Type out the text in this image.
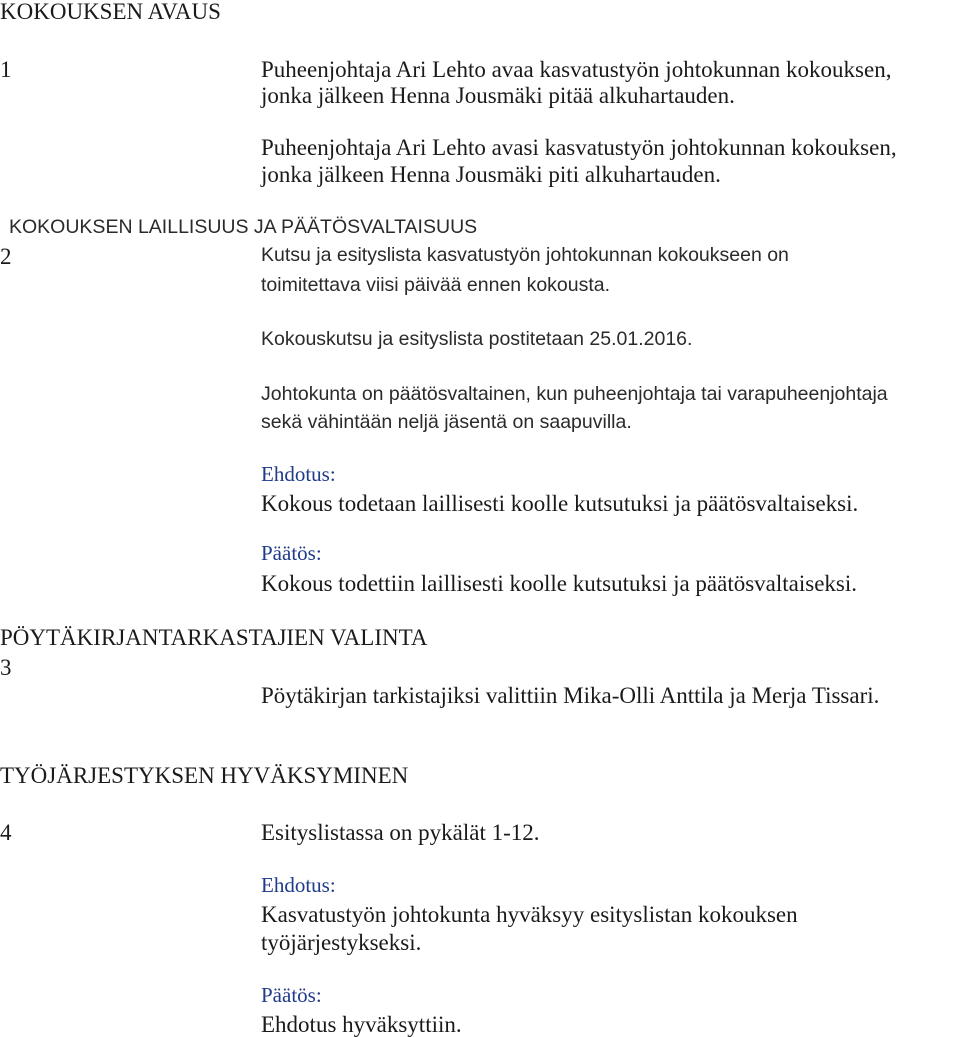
KOKOUKSEN AVAUS

1	Puheenjohtaja Ari Lehto avaa kasvatustyön johtokunnan kokouksen,

jonka jälkeen Henna Jousmäki pitää alkuhartauden.

Puheenjohtaja Ari Lehto avasi kasvatustyön johtokunnan kokouksen,

jonka jälkeen Henna Jousmäki piti alkuhartauden.

KOKOUKSEN LAILLISUUS JA PÄÄTÖSVALTAISUUS

2	Kutsu ja esityslista kasvatustyön johtokunnan kokoukseen on

toimitettava viisi päivää ennen kokousta.

Kokouskutsu ja esityslista postitetaan 25.01.2016.

Johtokunta on päätösvaltainen, kun puheenjohtaja tai varapuheenjohtaja

sekä vähintään neljä jäsentä on saapuvilla.

Ehdotus:

Kokous todetaan laillisesti koolle kutsutuksi ja päätösvaltaiseksi.

Päätös:

Kokous todettiin laillisesti koolle kutsutuksi ja päätösvaltaiseksi.

PÖYTÄKIRJANTARKASTAJIEN VALINTA

3

Pöytäkirjan tarkistajiksi valittiin Mika-Olli Anttila ja Merja Tissari.

TYÖJÄRJESTYKSEN HYVÄKSYMINEN

4	Esityslistassa on pykälät 1-12.

Ehdotus:

Kasvatustyön johtokunta hyväksyy esityslistan kokouksen

työjärjestykseksi.

Päätös:

Ehdotus hyväksyttiin.
